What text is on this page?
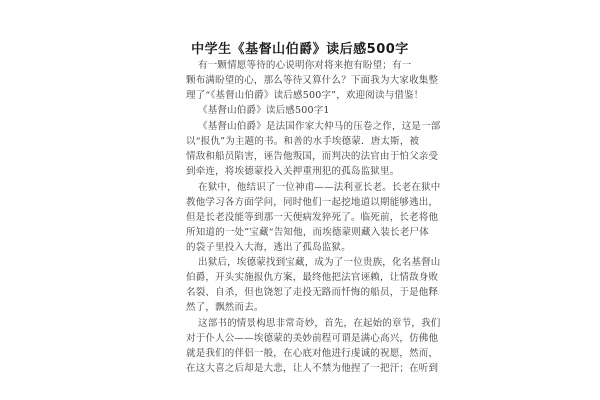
中学生《基督山伯爵》读后感500字
有一颗情愿等待的心说明你对将来抱有盼望；有一
颗布满盼望的心，那么等待又算什么？下面我为大家收集整
理了“《基督山伯爵》读后感500字”，欢迎阅读与借鉴！
《基督山伯爵》读后感500字1
《基督山伯爵》是法国作家大仲马的压卷之作，这是一部
以“报仇”为主题的书。和善的水手埃德蒙．唐太斯，被
情敌和船员陷害，诬告他叛国，而判决的法官由于怕父亲受
到牵连，将埃德蒙投入关押重刑犯的孤岛监狱里。
在狱中，他结识了一位神甫——法利亚长老。长老在狱中
教他学习各方面学问，同时他们一起挖地道以期能够逃出，
但是长老没能等到那一天便病发猝死了。临死前，长老将他
所知道的一处”宝藏“告知他，而埃德蒙则藏入装长老尸体
的袋子里投入大海，逃出了孤岛监狱。
出狱后，埃德蒙找到宝藏，成为了一位贵族，化名基督山
伯爵，开头实施报仇方案，最终他把法官诬赖，让情敌身败
名裂、自杀，但也饶恕了走投无路而忏悔的船员，于是他释
然了，飘然而去。
这部书的情景构思非常奇妙，首先，在起始的章节，我们
对于仆人公——埃德蒙的美妙前程可谓是满心高兴，仿佛他
就是我们的伴侣一般，在心底对他进行虔诚的祝愿，然而，
在这大喜之后却是大悲，让人不禁为他捏了一把汗；在听到
